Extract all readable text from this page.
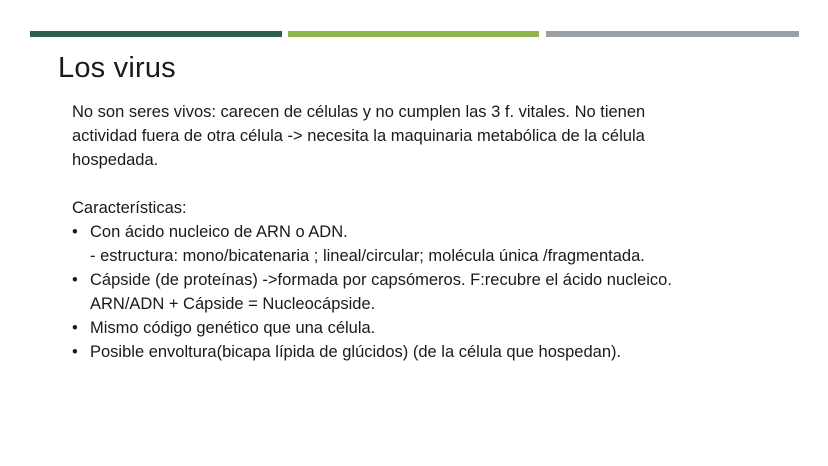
Los virus

No son seres vivos: carecen de células y no cumplen las 3 f. vitales. No tienen

actividad fuera de otra célula -> necesita la maquinaria metabólica de la célula

hospedada.

Características:

• Con ácido nucleico de ARN o ADN.
- estructura: mono/bicatenaria ; lineal/circular; molécula única /fragmentada.
• Cápside (de proteínas) ->formada por capsómeros. F:recubre el ácido nucleico.
ARN/ADN + Cápside = Nucleocápside.
• Mismo código genético que una célula.
• Posible envoltura(bicapa lípida de glúcidos) (de la célula que hospedan).
